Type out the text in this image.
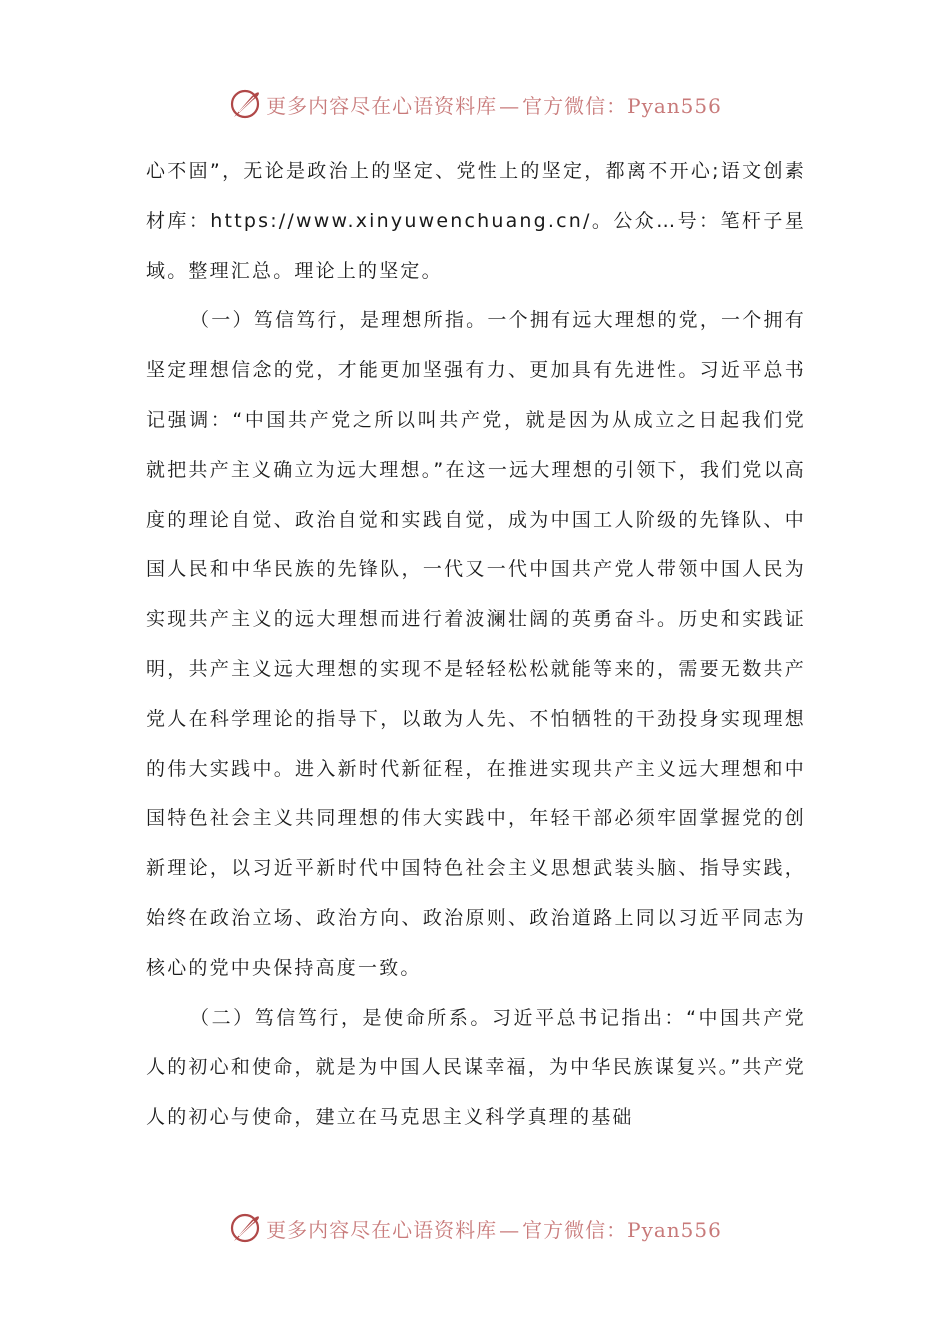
更多内容尽在心语资料库 — 官方微信：Pyan556

心不固”，无论是政治上的坚定、党性上的坚定，都离不开心;语文创素材库：https://www.xinyuwenchuang.cn/。公众…号：笔杆子星域。整理汇总。理论上的坚定。

（一）笃信笃行，是理想所指。一个拥有远大理想的党，一个拥有坚定理想信念的党，才能更加坚强有力、更加具有先进性。习近平总书记强调：“中国共产党之所以叫共产党，就是因为从成立之日起我们党就把共产主义确立为远大理想。”在这一远大理想的引领下，我们党以高度的理论自觉、政治自觉和实践自觉，成为中国工人阶级的先锋队、中国人民和中华民族的先锋队，一代又一代中国共产党人带领中国人民为实现共产主义的远大理想而进行着波澜壮阔的英勇奋斗。历史和实践证明，共产主义远大理想的实现不是轻轻松松就能等来的，需要无数共产党人在科学理论的指导下，以敢为人先、不怕牺牲的干劲投身实现理想的伟大实践中。进入新时代新征程，在推进实现共产主义远大理想和中国特色社会主义共同理想的伟大实践中，年轻干部必须牢固掌握党的创新理论，以习近平新时代中国特色社会主义思想武装头脑、指导实践，始终在政治立场、政治方向、政治原则、政治道路上同以习近平同志为核心的党中央保持高度一致。

（二）笃信笃行，是使命所系。习近平总书记指出：“中国共产党人的初心和使命，就是为中国人民谋幸福，为中华民族谋复兴。”共产党人的初心与使命，建立在马克思主义科学真理的基础

更多内容尽在心语资料库 — 官方微信：Pyan556
